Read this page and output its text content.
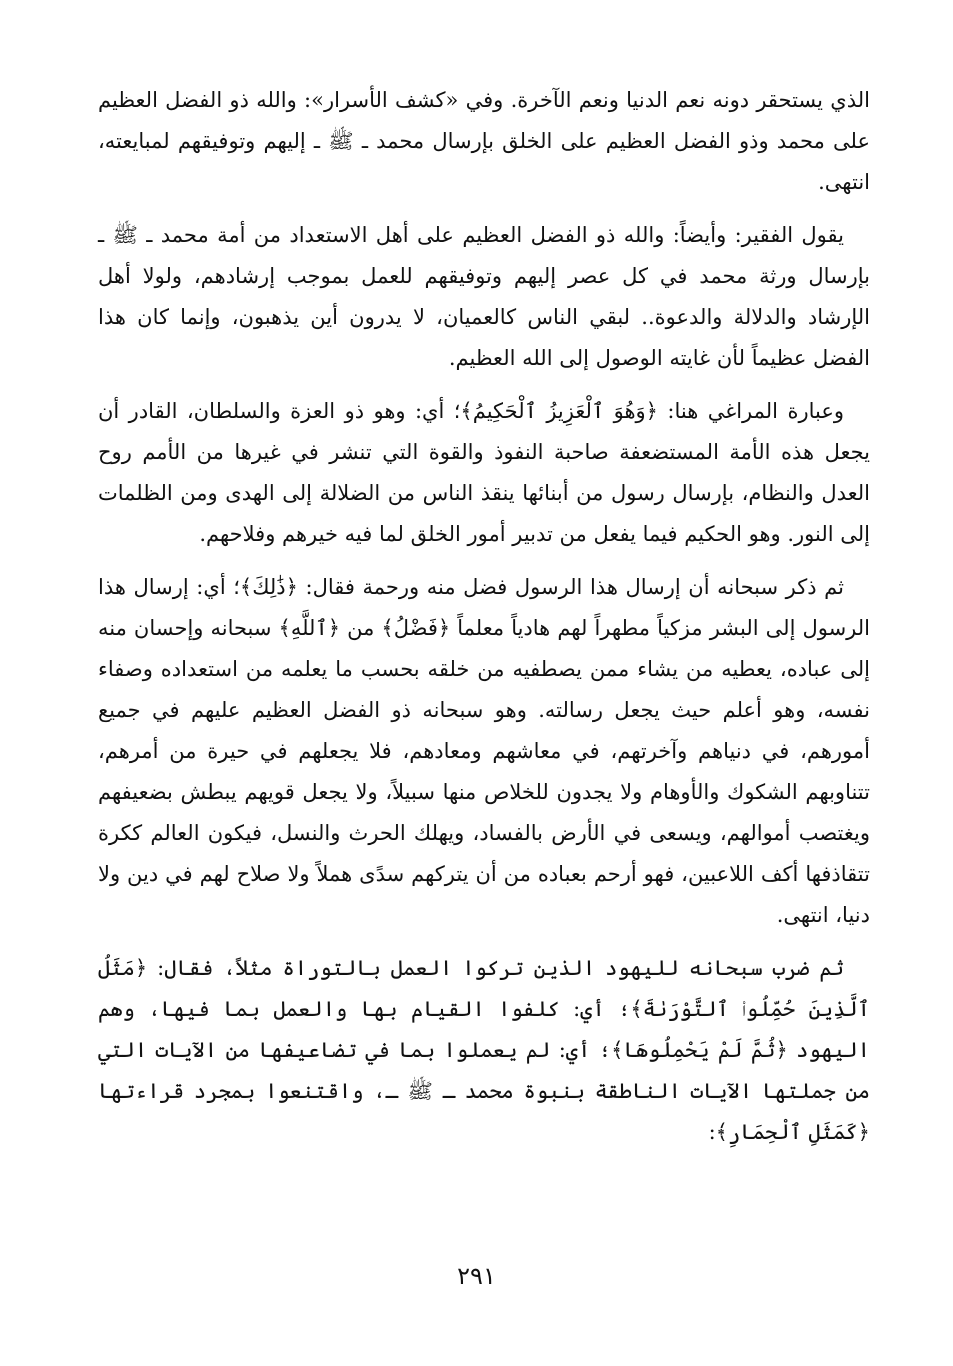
الذي يستحقر دونه نعم الدنيا ونعم الآخرة. وفي «كشف الأسرار»: والله ذو الفضل العظيم على محمد وذو الفضل العظيم على الخلق بإرسال محمد ـ ﷺ ـ إليهم وتوفيقهم لمبايعته، انتهى.

يقول الفقير: وأيضاً: والله ذو الفضل العظيم على أهل الاستعداد من أمة محمد ـ ﷺ ـ بإرسال ورثة محمد في كل عصر إليهم وتوفيقهم للعمل بموجب إرشادهم، ولولا أهل الإرشاد والدلالة والدعوة.. لبقي الناس كالعميان، لا يدرون أين يذهبون، وإنما كان هذا الفضل عظيماً لأن غايته الوصول إلى الله العظيم.

وعبارة المراغي هنا: ﴿وَهُوَ ٱلْعَزِيزُ ٱلْحَكِيمُ﴾؛ أي: وهو ذو العزة والسلطان، القادر أن يجعل هذه الأمة المستضعفة صاحبة النفوذ والقوة التي تنشر في غيرها من الأمم روح العدل والنظام، بإرسال رسول من أبنائها ينقذ الناس من الضلالة إلى الهدى ومن الظلمات إلى النور. وهو الحكيم فيما يفعل من تدبير أمور الخلق لما فيه خيرهم وفلاحهم.

ثم ذكر سبحانه أن إرسال هذا الرسول فضل منه ورحمة فقال: ﴿ذَٰلِكَ﴾؛ أي: إرسال هذا الرسول إلى البشر مزكياً مطهراً لهم هادياً معلماً ﴿فَضْلُ﴾ من ﴿ٱللَّهِ﴾ سبحانه وإحسان منه إلى عباده، يعطيه من يشاء ممن يصطفيه من خلقه بحسب ما يعلمه من استعداده وصفاء نفسه، وهو أعلم حيث يجعل رسالته. وهو سبحانه ذو الفضل العظيم عليهم في جميع أمورهم، في دنياهم وآخرتهم، في معاشهم ومعادهم، فلا يجعلهم في حيرة من أمرهم، تتناوبهم الشكوك والأوهام ولا يجدون للخلاص منها سبيلاً، ولا يجعل قويهم يبطش بضعيفهم ويغتصب أموالهم، ويسعى في الأرض بالفساد، ويهلك الحرث والنسل، فيكون العالم ككرة تتقاذفها أكف اللاعبين، فهو أرحم بعباده من أن يتركهم سدًى هملاً ولا صلاح لهم في دين ولا دنيا، انتهى.

ثم ضرب سبحانه لليهود الذين تركوا العمل بالتوراة مثلاً، فقال: ﴿مَثَلُ ٱلَّذِينَ حُمِّلُوا۟ ٱلتَّوْرَىٰةَ﴾؛ أي: كلفوا القيام بها والعمل بما فيها، وهم اليهود ﴿ثُمَّ لَمْ يَحْمِلُوهَا﴾؛ أي: لم يعملوا بما في تضاعيفها من الآيات التي من جملتها الآيات الناطقة بنبوة محمد ـ ﷺ ـ، واقتنعوا بمجرد قراءتها ﴿كَمَثَلِ ٱلْحِمَارِ﴾:

٢٩١
